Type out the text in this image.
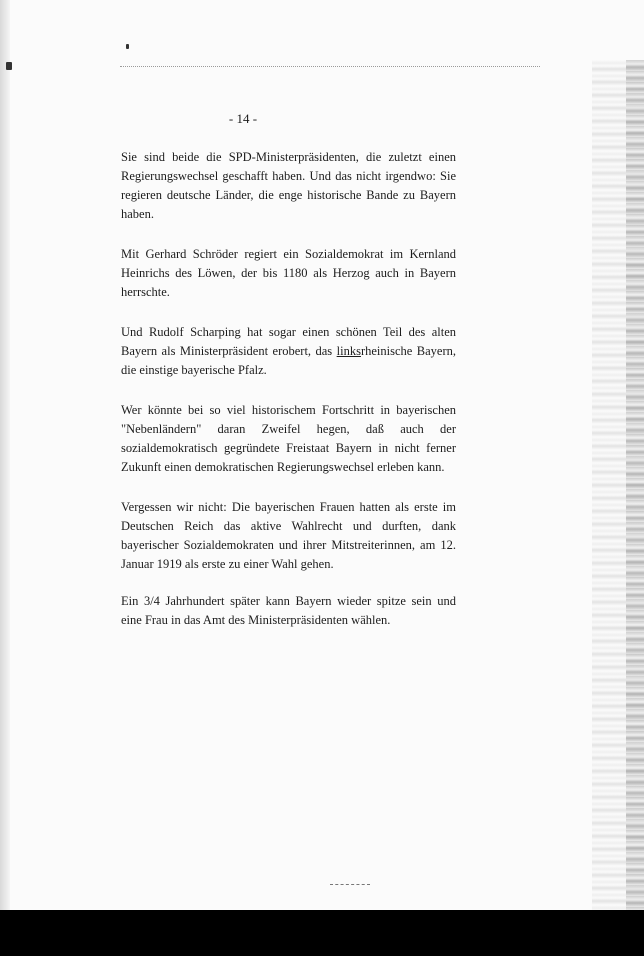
- 14 -

Sie sind beide die SPD-Ministerpräsidenten, die zuletzt einen Regierungswechsel geschafft haben. Und das nicht irgendwo: Sie regieren deutsche Länder, die enge historische Bande zu Bayern haben.

Mit Gerhard Schröder regiert ein Sozialdemokrat im Kernland Heinrichs des Löwen, der bis 1180 als Herzog auch in Bayern herrschte.

Und Rudolf Scharping hat sogar einen schönen Teil des alten Bayern als Ministerpräsident erobert, das linksrheinische Bayern, die einstige bayerische Pfalz.

Wer könnte bei so viel historischem Fortschritt in bayerischen "Nebenländern" daran Zweifel hegen, daß auch der sozialdemokratisch gegründete Freistaat Bayern in nicht ferner Zukunft einen demokratischen Regierungswechsel erleben kann.

Vergessen wir nicht: Die bayerischen Frauen hatten als erste im Deutschen Reich das aktive Wahlrecht und durften, dank bayerischer Sozialdemokraten und ihrer Mitstreiterinnen, am 12. Januar 1919 als erste zu einer Wahl gehen.

Ein 3/4 Jahrhundert später kann Bayern wieder spitze sein und eine Frau in das Amt des Ministerpräsidenten wählen.
